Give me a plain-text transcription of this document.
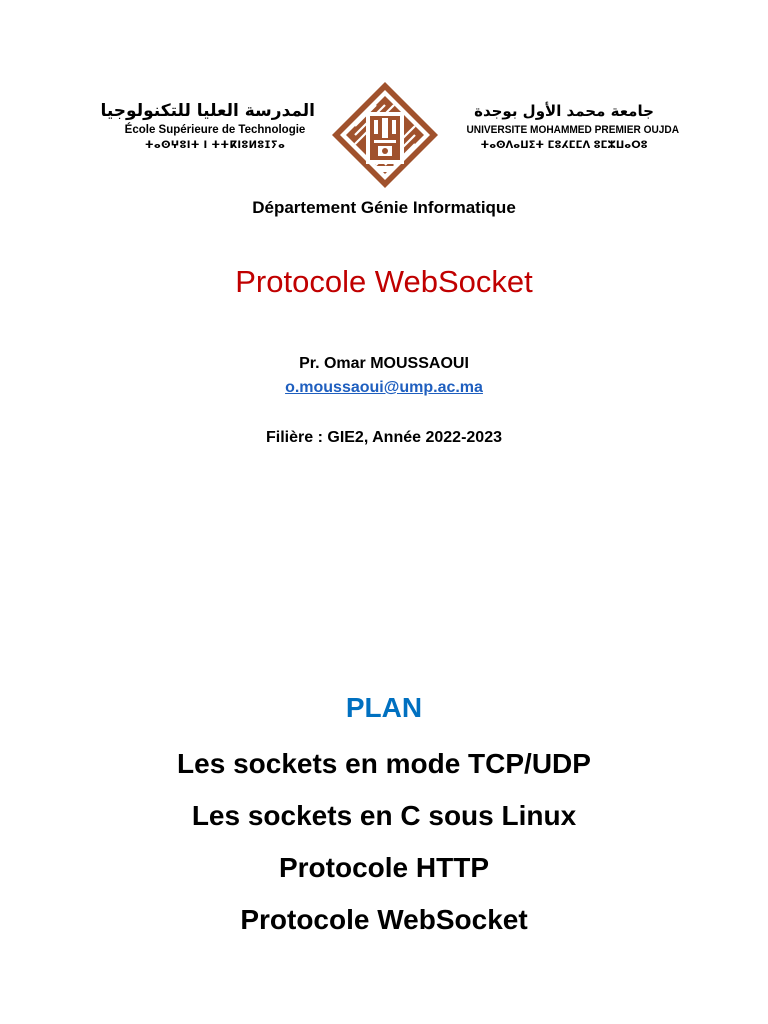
المدرسة العليا للتكنولوجيا
École Supérieure de Technologie
ⵜⴰⵙⵖⵓⵏⵜ ⵏ ⵜⵜⴽⵏⵓⵍⵓⵊⵢⴰ
جامعة محمد الأول بوجدة
UNIVERSITE MOHAMMED PREMIER OUJDA
ⵜⴰⵙⴷⴰⵡⵉⵜ ⵎⵓⵃⵎⵎⴷ ⵓⵎⵣⵡⴰⵔⵓ
Département Génie Informatique
Protocole WebSocket
Pr. Omar MOUSSAOUI
o.moussaoui@ump.ac.ma
Filière : GIE2, Année 2022-2023
PLAN
Les sockets en mode TCP/UDP
Les sockets en C sous Linux
Protocole HTTP
Protocole WebSocket
